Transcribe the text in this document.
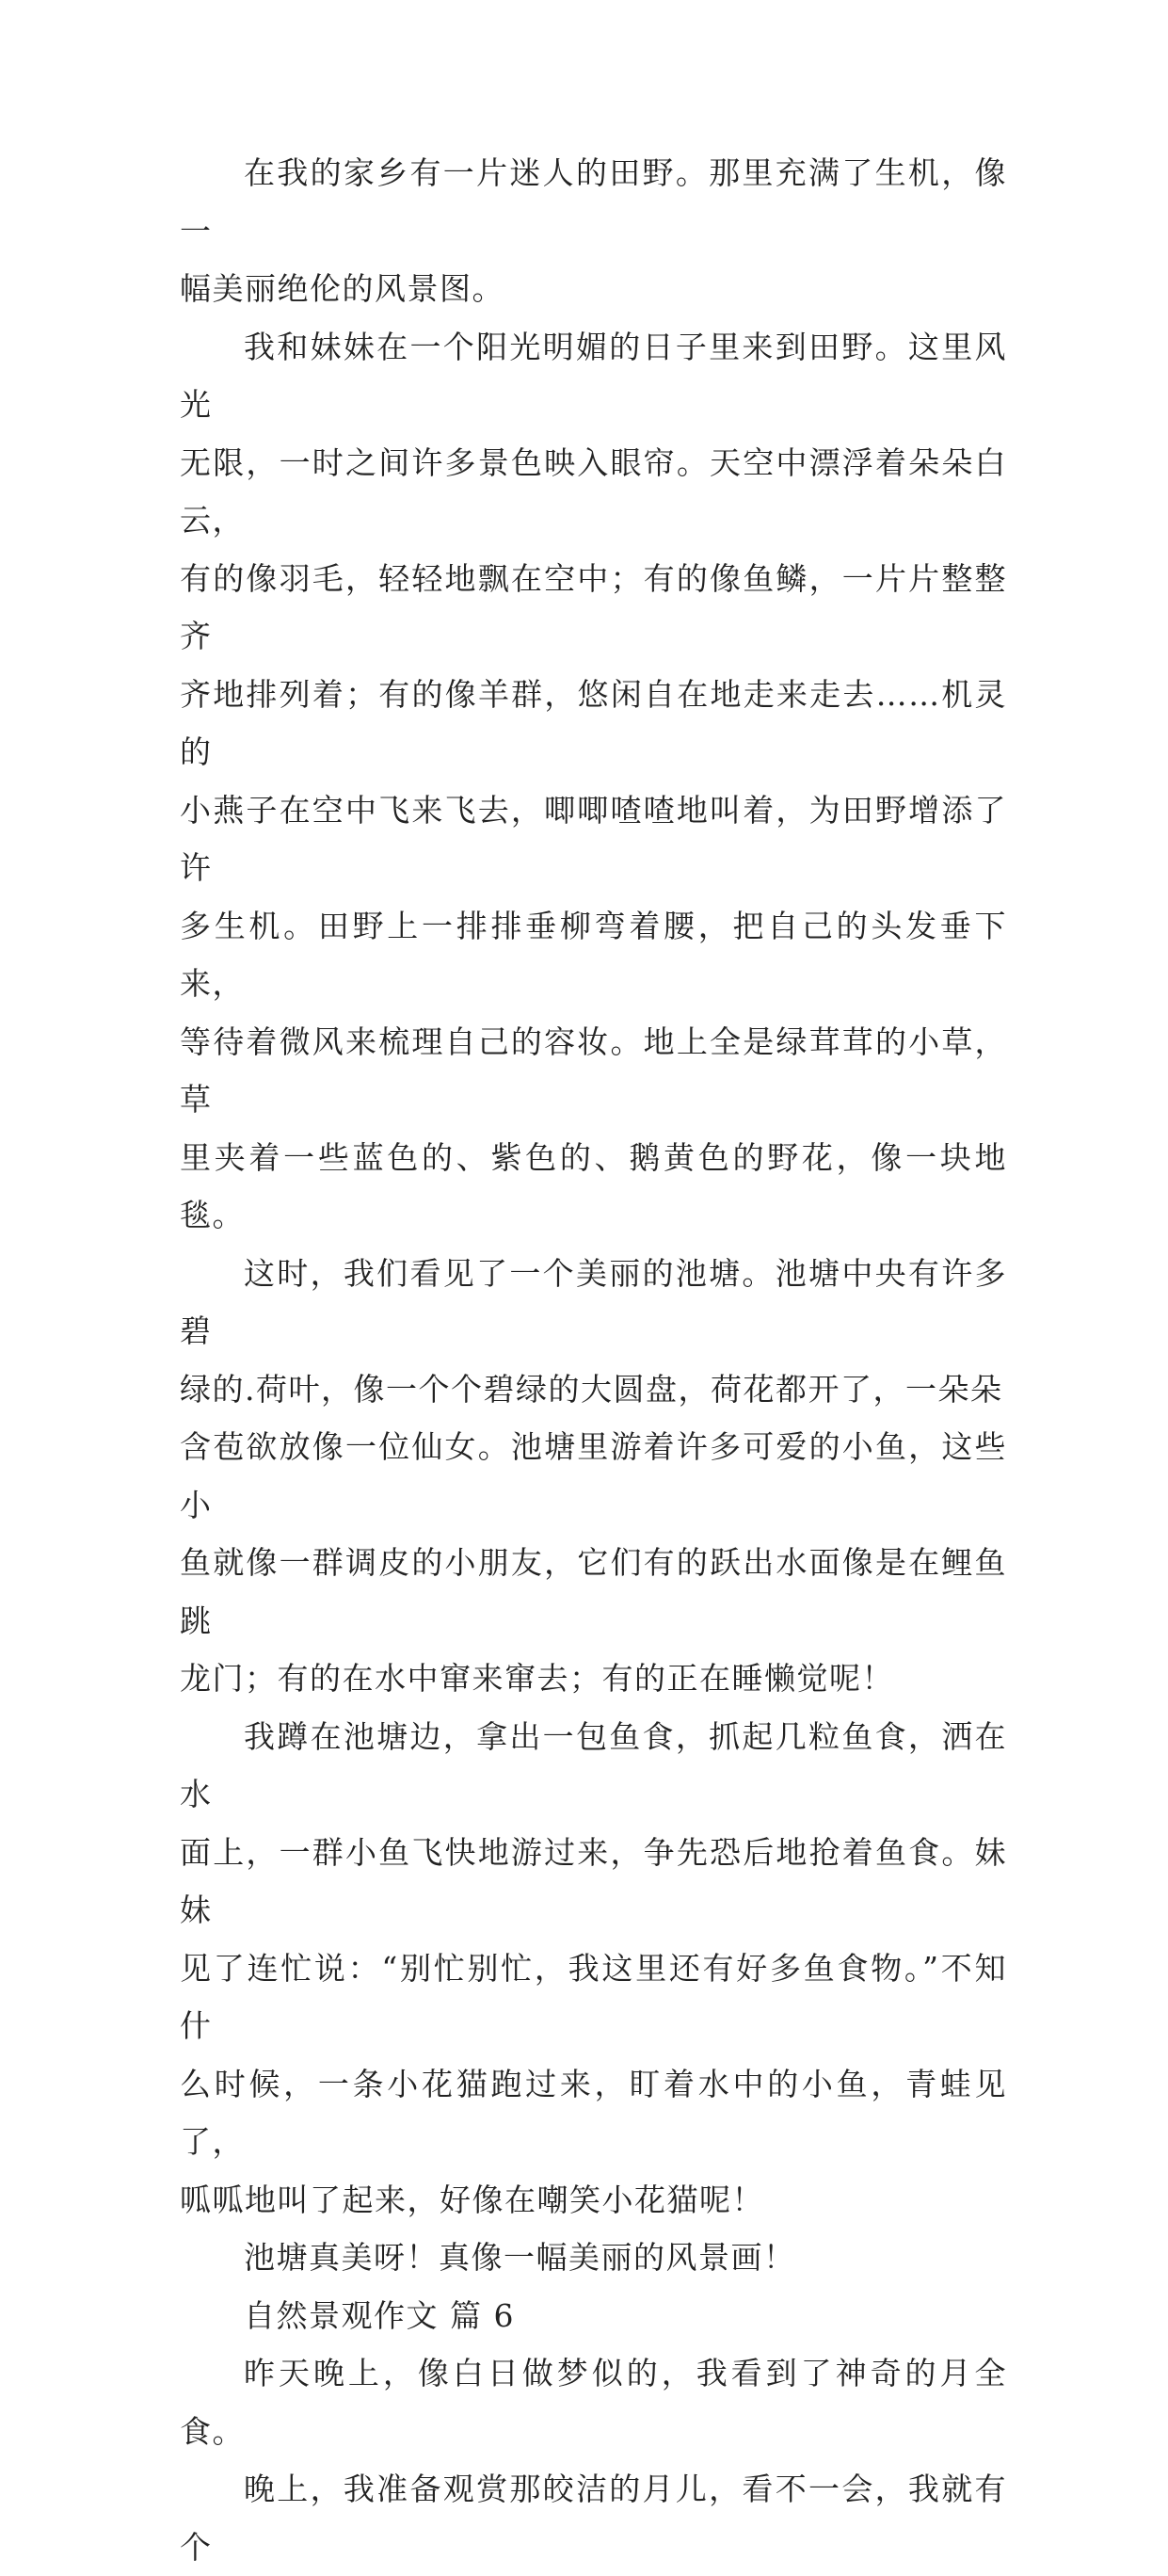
在我的家乡有一片迷人的田野。那里充满了生机，像一
幅美丽绝伦的风景图。

我和妹妹在一个阳光明媚的日子里来到田野。这里风光
无限，一时之间许多景色映入眼帘。天空中漂浮着朵朵白云，
有的像羽毛，轻轻地飘在空中；有的像鱼鳞，一片片整整齐
齐地排列着；有的像羊群，悠闲自在地走来走去……机灵的
小燕子在空中飞来飞去，唧唧喳喳地叫着，为田野增添了许
多生机。田野上一排排垂柳弯着腰，把自己的头发垂下来，
等待着微风来梳理自己的容妆。地上全是绿茸茸的小草，草
里夹着一些蓝色的、紫色的、鹅黄色的野花，像一块地毯。

这时，我们看见了一个美丽的池塘。池塘中央有许多碧
绿的.荷叶，像一个个碧绿的大圆盘，荷花都开了，一朵朵
含苞欲放像一位仙女。池塘里游着许多可爱的小鱼，这些小
鱼就像一群调皮的小朋友，它们有的跃出水面像是在鲤鱼跳
龙门；有的在水中窜来窜去；有的正在睡懒觉呢！

我蹲在池塘边，拿出一包鱼食，抓起几粒鱼食，洒在水
面上，一群小鱼飞快地游过来，争先恐后地抢着鱼食。妹妹
见了连忙说：“别忙别忙，我这里还有好多鱼食物。”不知什
么时候，一条小花猫跑过来，盯着水中的小鱼，青蛙见了，
呱呱地叫了起来，好像在嘲笑小花猫呢！

池塘真美呀！真像一幅美丽的风景画！

自然景观作文 篇 6

昨天晚上，像白日做梦似的，我看到了神奇的月全食。

晚上，我准备观赏那皎洁的月儿，看不一会，我就有个
